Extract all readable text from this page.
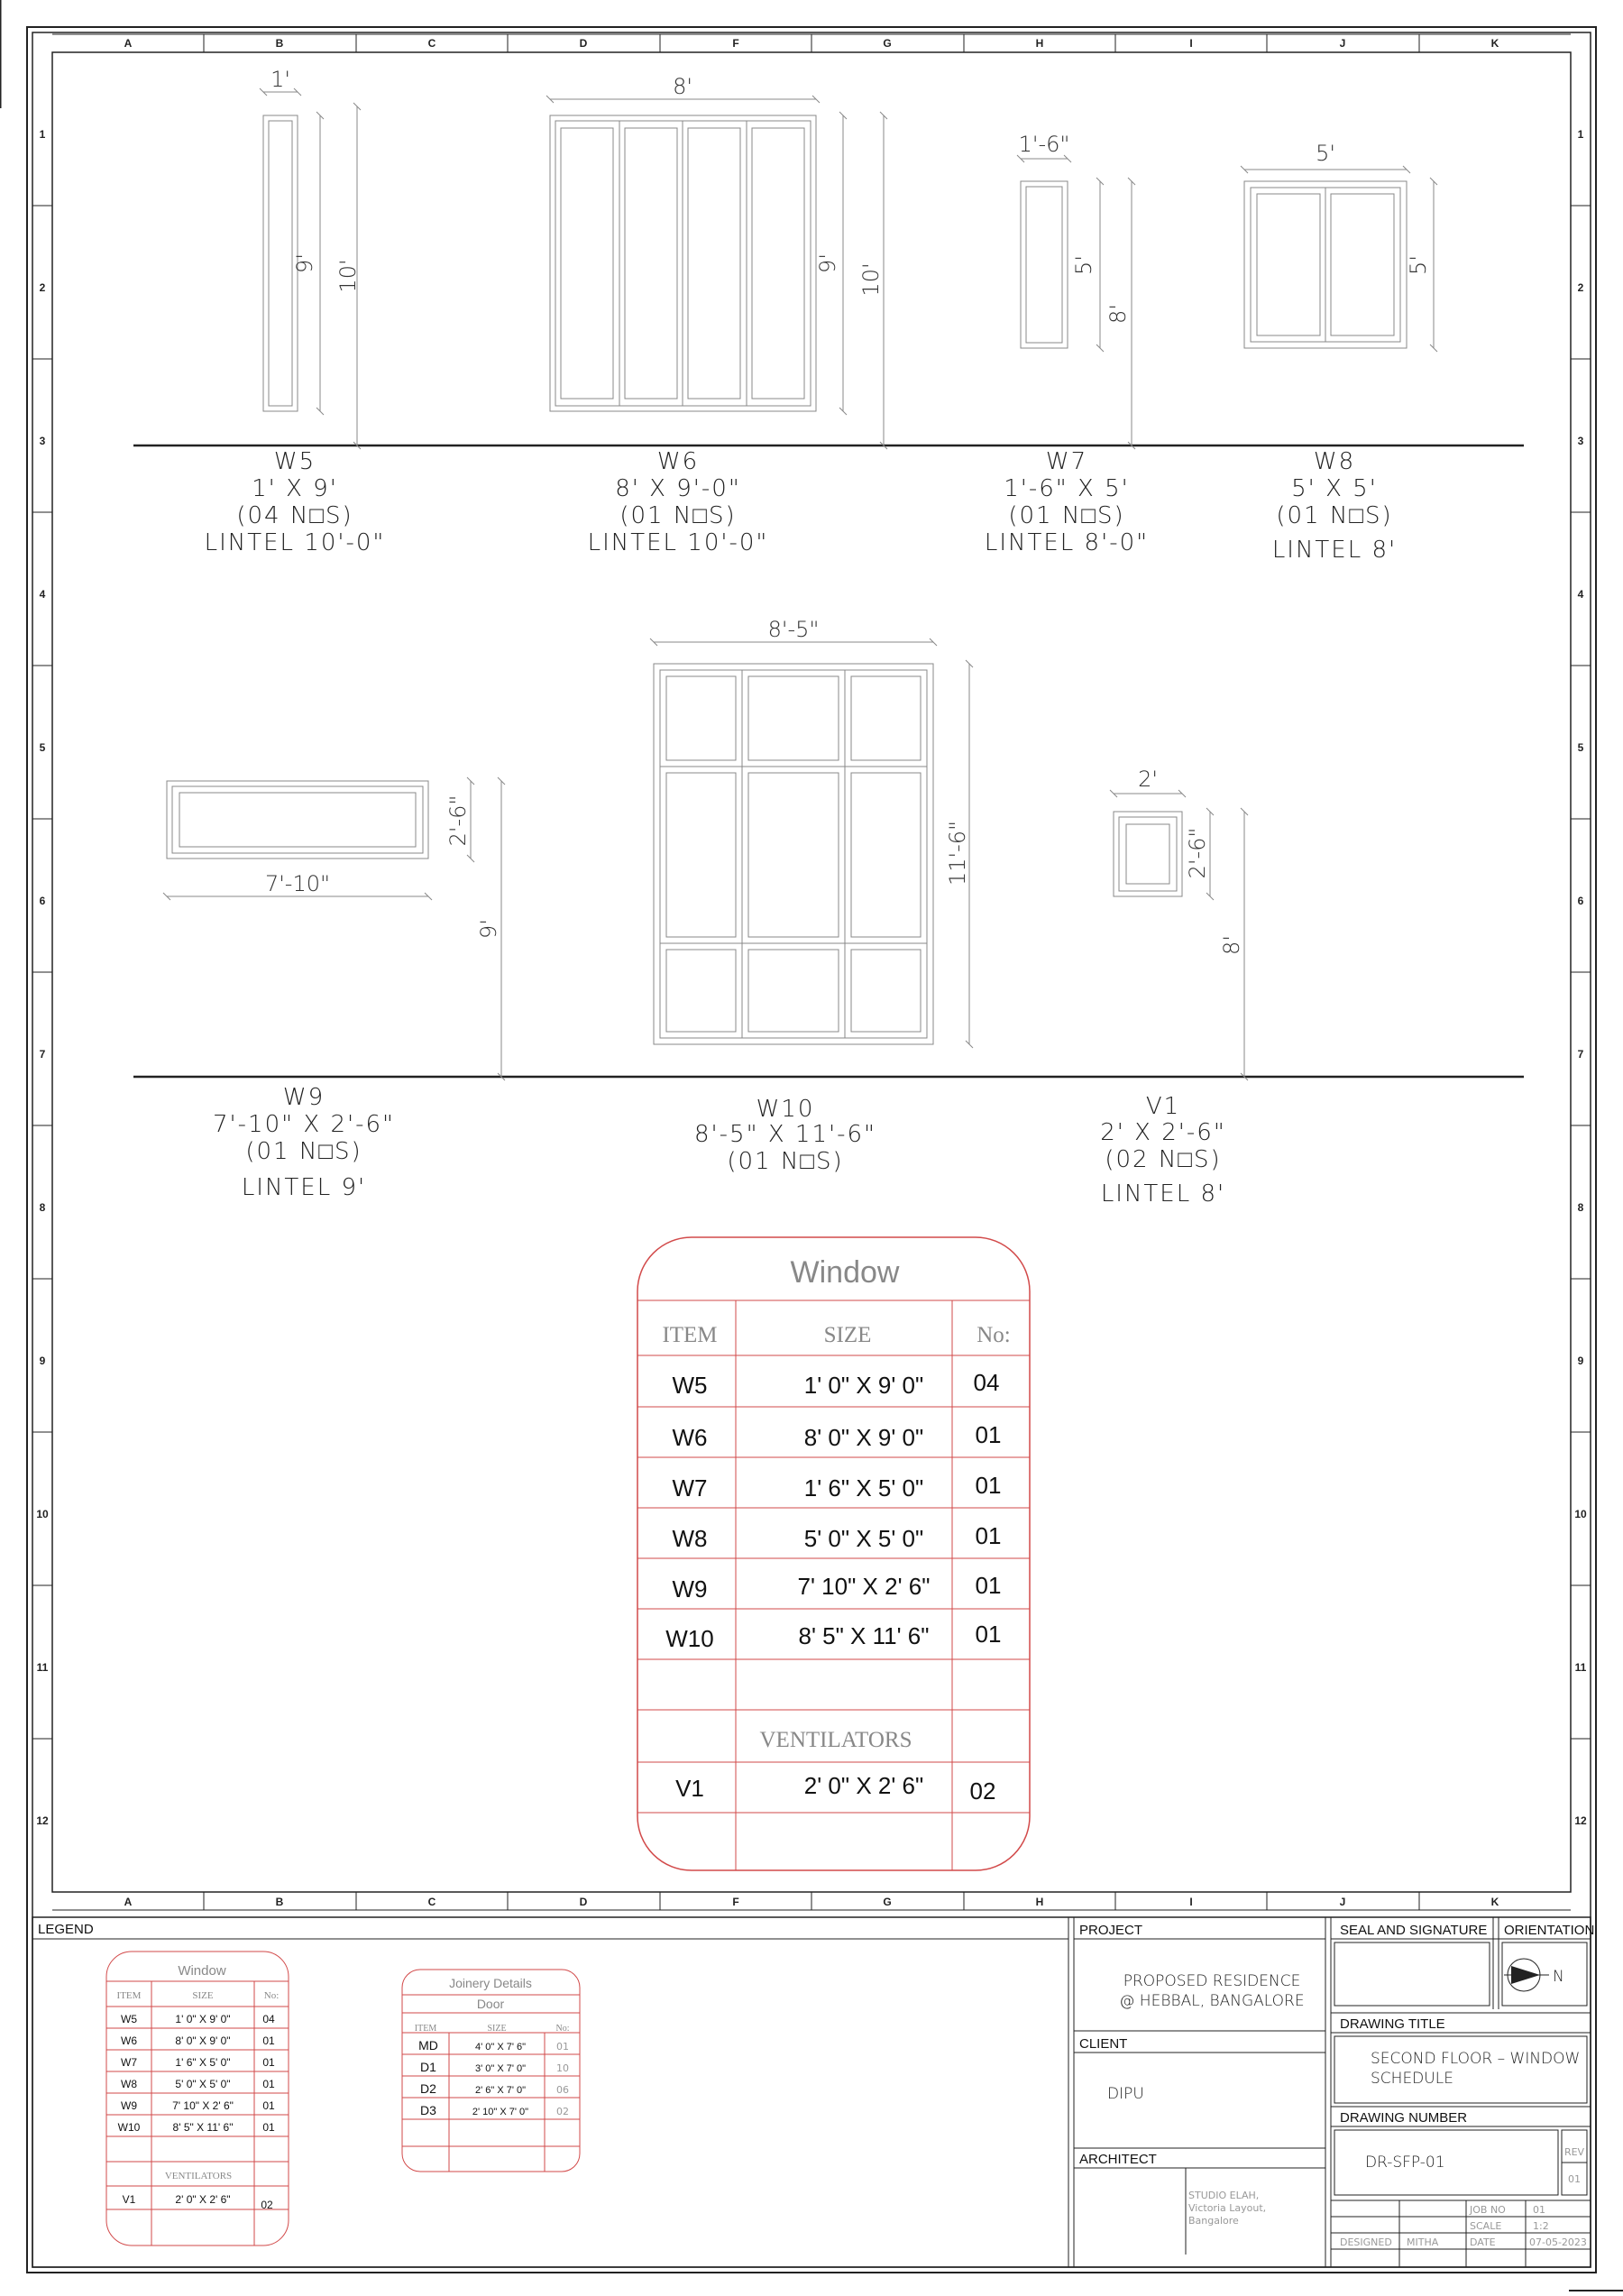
A	B	C	D	F	G	H	I	J	K
A	B	C	D	F	G	H	I	J	K
1
2
3
4
5
6
7
8
9
10
11
12
1
2
3
4
5
6
7
8
9
10
11
12
1'
9' 10'
8'
9' 10'
1'-6"
5'
8'
5'
5'
7'-10"
2'-6"
9'
8'-5"
11'-6"
2'
2'-6"
8'
W5
1' X 9'
(04 N□S)
LINTEL 10'-0"
W6
8' X 9'-0"
(01 N□S)
LINTEL 10'-0"
W7
1'-6" X 5'
(01 N□S)
LINTEL 8'-0"
W8
5' X 5'
(01 N□S)
LINTEL 8'
W9
7'-10" X 2'-6"
(01 N□S)
LINTEL 9'
W10
8'-5" X 11'-6"
(01 N□S)
V1
2' X 2'-6"
(02 N□S)
LINTEL 8'
Window
ITEM	SIZE	No:
W5	1' 0" X 9' 0" 04
W6	8' 0" X 9' 0" 01
W7	1' 6" X 5' 0" 01
W8	5' 0" X 5' 0" 01
W9	7' 10" X 2' 6" 01
W10	8' 5" X 11' 6" 01
VENTILATORS
V1	2' 0" X 2' 6" 02
LEGEND
Window
ITEM	SIZE	No:
W5	1' 0" X 9' 0"	04
W6	8' 0" X 9' 0"	01
W7	1' 6" X 5' 0"	01
W8	5' 0" X 5' 0"	01
W9	7' 10" X 2' 6"	01
W10	8' 5" X 11' 6"	01
VENTILATORS
V1	2' 0" X 2' 6"	02
Joinery Details
Door
ITEM	SIZE	No:
MD	4' 0" X 7' 6"	01
D1	3' 0" X 7' 0"	10
D2	2' 6" X 7' 0"	06
D3	2' 10" X 7' 0"	02
PROJECT
PROPOSED RESIDENCE
@ HEBBAL, BANGALORE
CLIENT
DIPU
ARCHITECT
STUDIO ELAH,
Victoria Layout,
Bangalore
SEAL AND SIGNATURE ORIENTATION
N
DRAWING TITLE
SECOND FLOOR – WINDOW
SCHEDULE
DRAWING NUMBER
DR-SFP-01
REV
01
JOB NO	01
SCALE	1:2
DESIGNED MITHA	DATE	07-05-2023
